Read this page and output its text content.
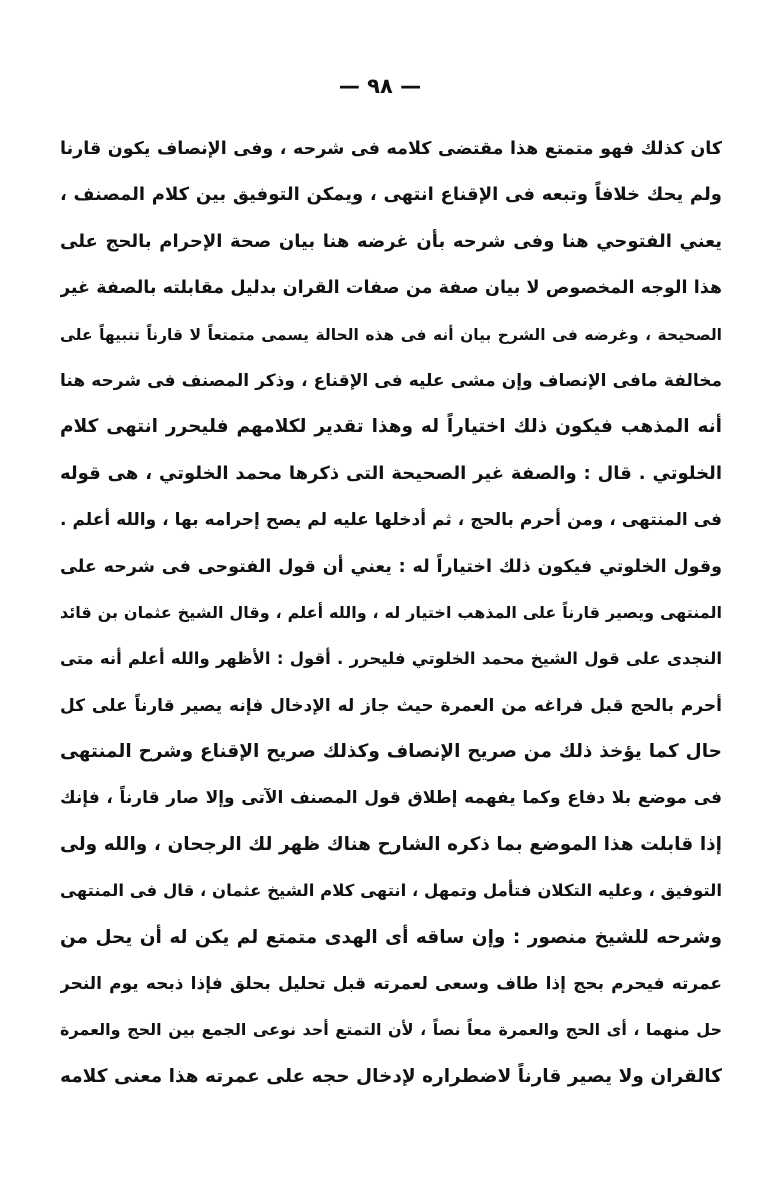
— ٩٨ —
كان كذلك فهو متمتع هذا مقتضى كلامه فى شرحه ، وفى الإنصاف يكون قارنا
ولم يحك خلافاً وتبعه فى الإقناع انتهى ، ويمكن التوفيق بين كلام المصنف ،
يعني الفتوحي هنا وفى شرحه بأن غرضه هنا بيان صحة الإحرام بالحج على
هذا الوجه المخصوص لا بيان صفة من صفات القران بدليل مقابلته بالصفة غير
الصحيحة ، وغرضه فى الشرح بيان أنه فى هذه الحالة يسمى متمتعاً لا قارناً تنبيهاً على
مخالفة مافى الإنصاف وإن مشى عليه فى الإقناع ، وذكر المصنف فى شرحه هنا
أنه المذهب فيكون ذلك اختياراً له وهذا تقدير لكلامهم فليحرر انتهى كلام
الخلوتي . قال : والصفة غير الصحيحة التى ذكرها محمد الخلوتي ، هى قوله
فى المنتهى ، ومن أحرم بالحج ، ثم أدخلها عليه لم يصح إحرامه بها ، والله أعلم .
وقول الخلوتي فيكون ذلك اختياراً له : يعني أن قول الفتوحى فى شرحه على
المنتهى ويصير قارناً على المذهب اختيار له ، والله أعلم ، وقال الشيخ عثمان بن قائد
النجدى على قول الشيخ محمد الخلوتي فليحرر . أقول : الأظهر والله أعلم أنه متى
أحرم بالحج قبل فراغه من العمرة حيث جاز له الإدخال فإنه يصير قارناً على كل
حال كما يؤخذ ذلك من صريح الإنصاف وكذلك صريح الإقناع وشرح المنتهى
فى موضع بلا دفاع وكما يفهمه إطلاق قول المصنف الآتى وإلا صار قارناً ، فإنك
إذا قابلت هذا الموضع بما ذكره الشارح هناك ظهر لك الرجحان ، والله ولى
التوفيق ، وعليه التكلان فتأمل وتمهل ، انتهى كلام الشيخ عثمان ، قال فى المنتهى
وشرحه للشيخ منصور : وإن ساقه أى الهدى متمتع لم يكن له أن يحل من
عمرته فيحرم بحج إذا طاف وسعى لعمرته قبل تحليل بحلق فإذا ذبحه يوم النحر
حل منهما ، أى الحج والعمرة معاً نصاً ، لأن التمتع أحد نوعى الجمع بين الحج والعمرة
كالقران ولا يصير قارناً لاضطراره لإدخال حجه على عمرته هذا معنى كلامه
